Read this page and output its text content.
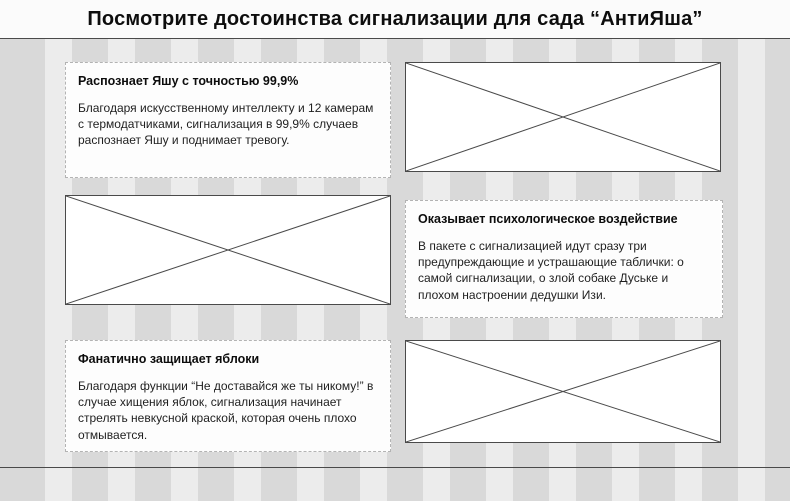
Посмотрите достоинства сигнализации для сада “АнтиЯша”
Распознает Яшу с точностью 99,9%

Благодаря искусственному интеллекту и 12 камерам с термодатчиками, сигнализация в 99,9% случаев распознает Яшу и поднимает тревогу.

Оказывает психологическое воздействие

В пакете с сигнализацией идут сразу три предупреждающие и устрашающие таблички: о самой сигнализации, о злой собаке Дуське и плохом настроении дедушки Изи.

Фанатично защищает яблоки

Благодаря функции “Не доставайся же ты никому!” в случае хищения яблок, сигнализация начинает стрелять невкусной краской, которая очень плохо отмывается.
